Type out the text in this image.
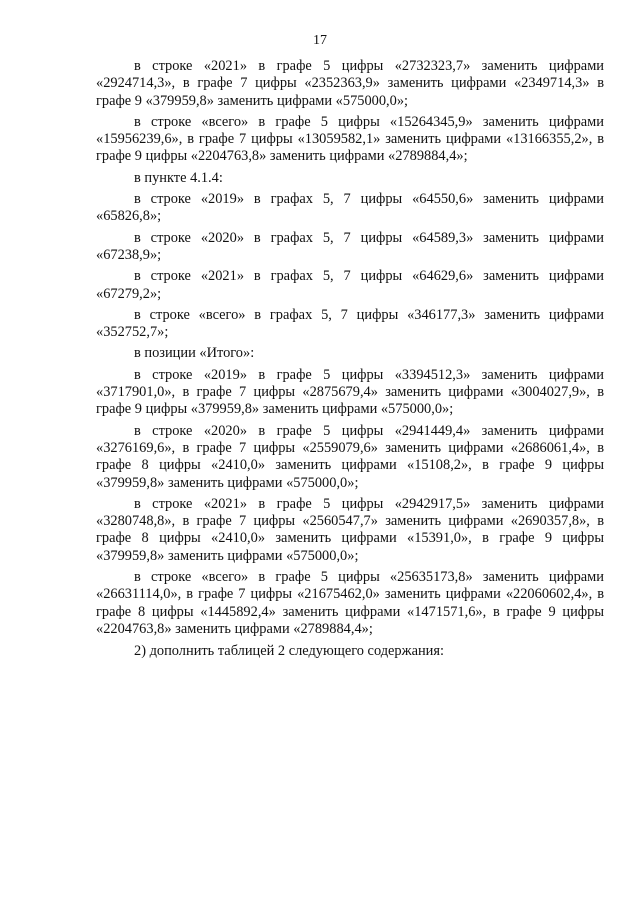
17

в строке «2021» в графе 5 цифры «2732323,7» заменить цифрами «2924714,3», в графе 7 цифры «2352363,9» заменить цифрами «2349714,3» в графе 9 «379959,8» заменить цифрами «575000,0»;

в строке «всего» в графе 5 цифры «15264345,9» заменить цифрами «15956239,6», в графе 7 цифры «13059582,1» заменить цифрами «13166355,2», в графе 9 цифры «2204763,8» заменить цифрами «2789884,4»;

в пункте 4.1.4:

в строке «2019» в графах 5, 7 цифры «64550,6» заменить цифрами «65826,8»;

в строке «2020» в графах 5, 7 цифры «64589,3» заменить цифрами «67238,9»;

в строке «2021» в графах 5, 7 цифры «64629,6» заменить цифрами «67279,2»;

в строке «всего» в графах 5, 7 цифры «346177,3» заменить цифрами «352752,7»;

в позиции «Итого»:

в строке «2019» в графе 5 цифры «3394512,3» заменить цифрами «3717901,0», в графе 7 цифры «2875679,4» заменить цифрами «3004027,9», в графе 9 цифры «379959,8» заменить цифрами «575000,0»;

в строке «2020» в графе 5 цифры «2941449,4» заменить цифрами «3276169,6», в графе 7 цифры «2559079,6» заменить цифрами «2686061,4», в графе 8 цифры «2410,0» заменить цифрами «15108,2», в графе 9 цифры «379959,8» заменить цифрами «575000,0»;

в строке «2021» в графе 5 цифры «2942917,5» заменить цифрами «3280748,8», в графе 7 цифры «2560547,7» заменить цифрами «2690357,8», в графе 8 цифры «2410,0» заменить цифрами «15391,0», в графе 9 цифры «379959,8» заменить цифрами «575000,0»;

в строке «всего» в графе 5 цифры «25635173,8» заменить цифрами «26631114,0», в графе 7 цифры «21675462,0» заменить цифрами «22060602,4», в графе 8 цифры «1445892,4» заменить цифрами «1471571,6», в графе 9 цифры «2204763,8» заменить цифрами «2789884,4»;

2) дополнить таблицей 2 следующего содержания:
